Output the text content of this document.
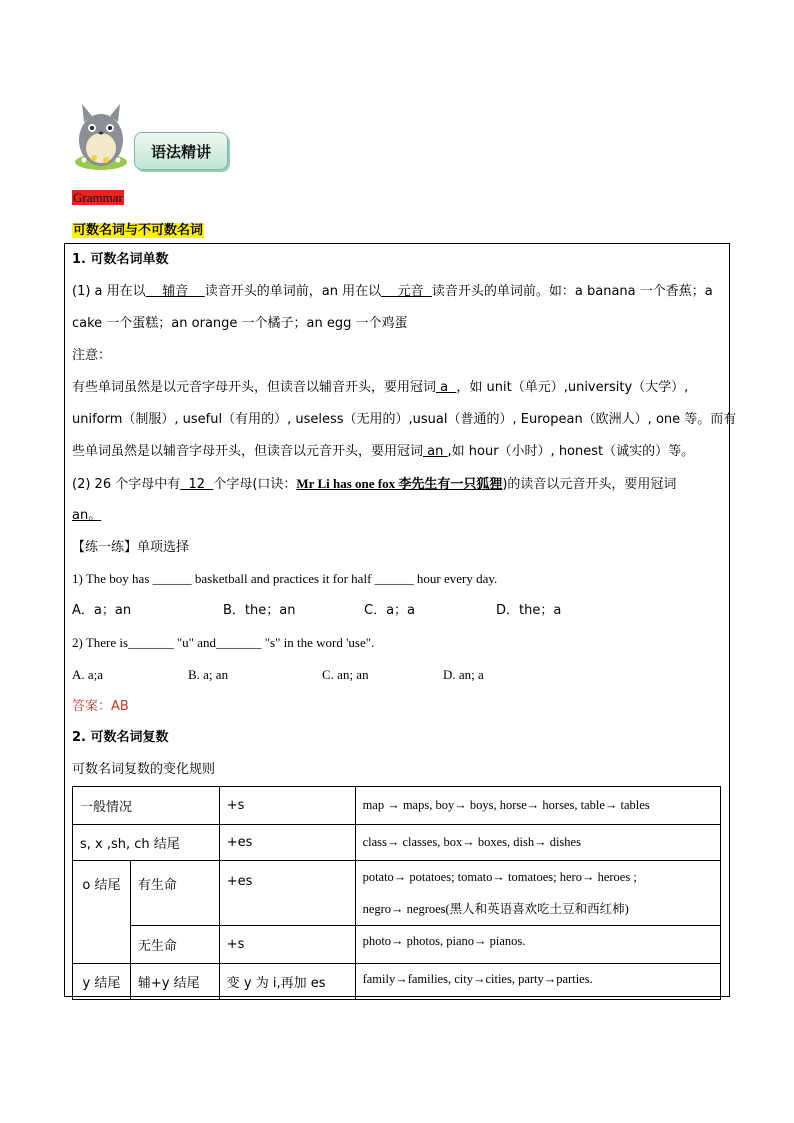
语法精讲
Grammar
可数名词与不可数名词
1. 可数名词单数
(1) a 用在以 辅音 读音开头的单词前，an 用在以 元音 读音开头的单词前。如：a banana 一个香蕉；a
cake 一个蛋糕；an orange 一个橘子；an egg 一个鸡蛋
注意：
有些单词虽然是以元音字母开头，但读音以辅音开头，要用冠词 a ，如 unit（单元）,university（大学）,
uniform（制服）, useful（有用的）, useless（无用的）,usual（普通的）, European（欧洲人）, one 等。而有
些单词虽然是以辅音字母开头，但读音以元音开头，要用冠词 an ,如 hour（小时）, honest（诚实的）等。
(2) 26 个字母中有 12 个字母(口诀：Mr Li has one fox 李先生有一只狐狸)的读音以元音开头，要用冠词
an。
【练一练】单项选择
1) The boy has ______ basketball and practices it for half ______ hour every day.
A．a；an	B．the；an	C．a；a	D．the；a
2) There is_______ "u" and_______ "s" in the word 'use".
A. a;a	B. a; an	C. an; an	D. an; a
答案：AB
2. 可数名词复数
可数名词复数的变化规则
一般情况		+s	map → maps, boy→ boys, horse→ horses, table→ tables
s, x ,sh, ch 结尾		+es	class→ classes, box→ boxes, dish→ dishes
o 结尾	有生命	+es	potato→ potatoes; tomato→ tomatoes; hero→ heroes ;
negro→ negroes(黑人和英语喜欢吃土豆和西红柿)

	无生命	+s	photo→ photos, piano→ pianos.
y 结尾	辅+y 结尾	变 y 为 i,再加 es	family→families, city→cities, party→parties.
